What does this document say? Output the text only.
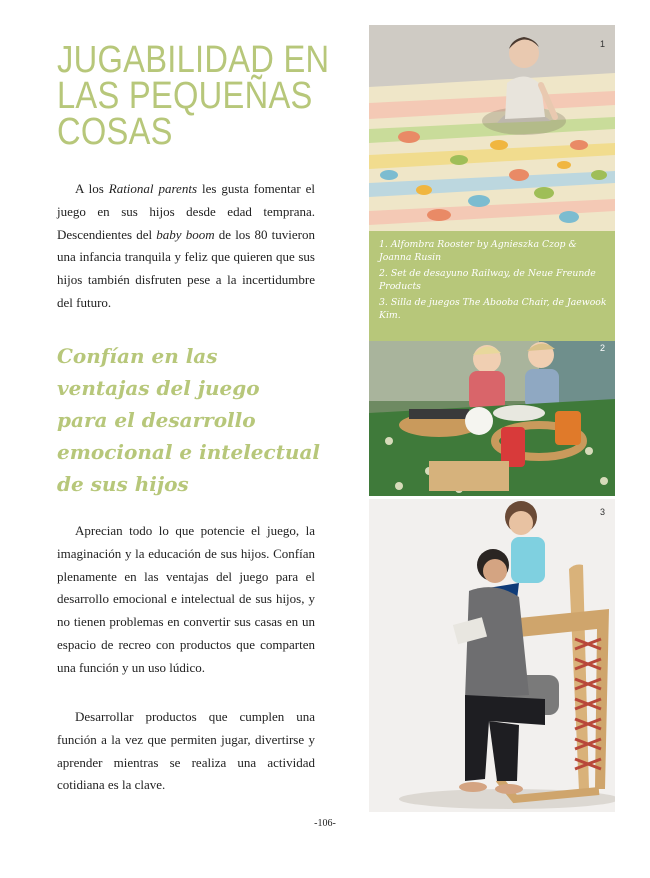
JUGABILIDAD EN
LAS PEQUEÑAS
COSAS
A los Rational parents les gusta fomentar el juego en sus hijos desde edad temprana. Descendientes del baby boom de los 80 tuvieron una infancia tranquila y feliz que quieren que sus hijos también disfruten pese a la incertidumbre del futuro.
Confían en las
ventajas del juego
para el desarrollo
emocional e intelectual
de sus hijos
Aprecian todo lo que potencie el juego, la imaginación y la educación de sus hijos. Confían plenamente en las ventajas del juego para el desarrollo emocional e intelectual de sus hijos, y no tienen problemas en convertir sus casas en un espacio de recreo con productos que comparten una función y un uso lúdico.
Desarrollar productos que cumplen una función a la vez que permiten jugar, divertirse y aprender mientras se realiza una actividad cotidiana es la clave.
1
1. Alfombra Rooster by Agnieszka Czop & Joanna Rusin
2. Set de desayuno Railway, de Neue Freunde Products
3. Silla de juegos The Abooba Chair, de Jaewook Kim.
2
3
-106-
